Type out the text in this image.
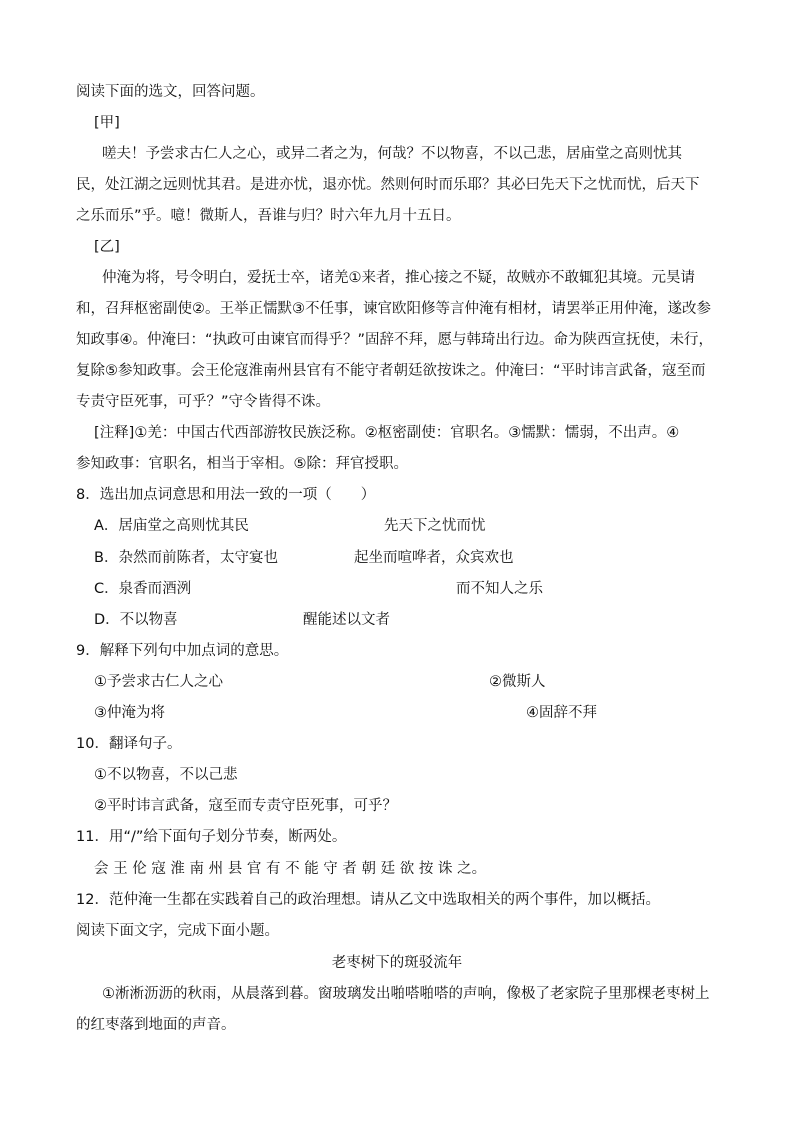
阅读下面的选文，回答问题。
[甲]
嗟夫！予尝求古仁人之心，或异二者之为，何哉？不以物喜，不以己悲，居庙堂之高则忧其
民，处江湖之远则忧其君。是进亦忧，退亦忧。然则何时而乐耶？其必曰先天下之忧而忧，后天下
之乐而乐”乎。噫！微斯人，吾谁与归？时六年九月十五日。
[乙]
仲淹为将，号令明白，爱抚士卒，诸羌①来者，推心接之不疑，故贼亦不敢辄犯其境。元昊请
和，召拜枢密副使②。王举正懦默③不任事，谏官欧阳修等言仲淹有相材，请罢举正用仲淹，遂改参
知政事④。仲淹曰：“执政可由谏官而得乎？”固辞不拜，愿与韩琦出行边。命为陕西宣抚使，未行，
复除⑤参知政事。会王伦寇淮南州县官有不能守者朝廷欲按诛之。仲淹曰：“平时讳言武备，寇至而
专责守臣死事，可乎？”守令皆得不诛。
[注释]①羌：中国古代西部游牧民族泛称。②枢密副使：官职名。③懦默：懦弱，不出声。④
参知政事：官职名，相当于宰相。⑤除：拜官授职。
8．选出加点词意思和用法一致的一项（　　）
A．居庙堂之高则忧其民	先天下之忧而忧
B．杂然而前陈者，太守宴也	起坐而喧哗者，众宾欢也
C．泉香而酒洌	而不知人之乐
D．不以物喜	醒能述以文者
9．解释下列句中加点词的意思。
①予尝求古仁人之心	②微斯人
③仲淹为将	④固辞不拜
10．翻译句子。
①不以物喜，不以己悲
②平时讳言武备，寇至而专责守臣死事，可乎？
11．用“/”给下面句子划分节奏，断两处。
会 王 伦 寇 淮 南 州 县 官 有 不 能 守 者 朝 廷 欲 按 诛 之。
12．范仲淹一生都在实践着自己的政治理想。请从乙文中选取相关的两个事件，加以概括。
阅读下面文字，完成下面小题。
老枣树下的斑驳流年
①淅淅沥沥的秋雨，从晨落到暮。窗玻璃发出啪嗒啪嗒的声响，像极了老家院子里那棵老枣树上
的红枣落到地面的声音。
